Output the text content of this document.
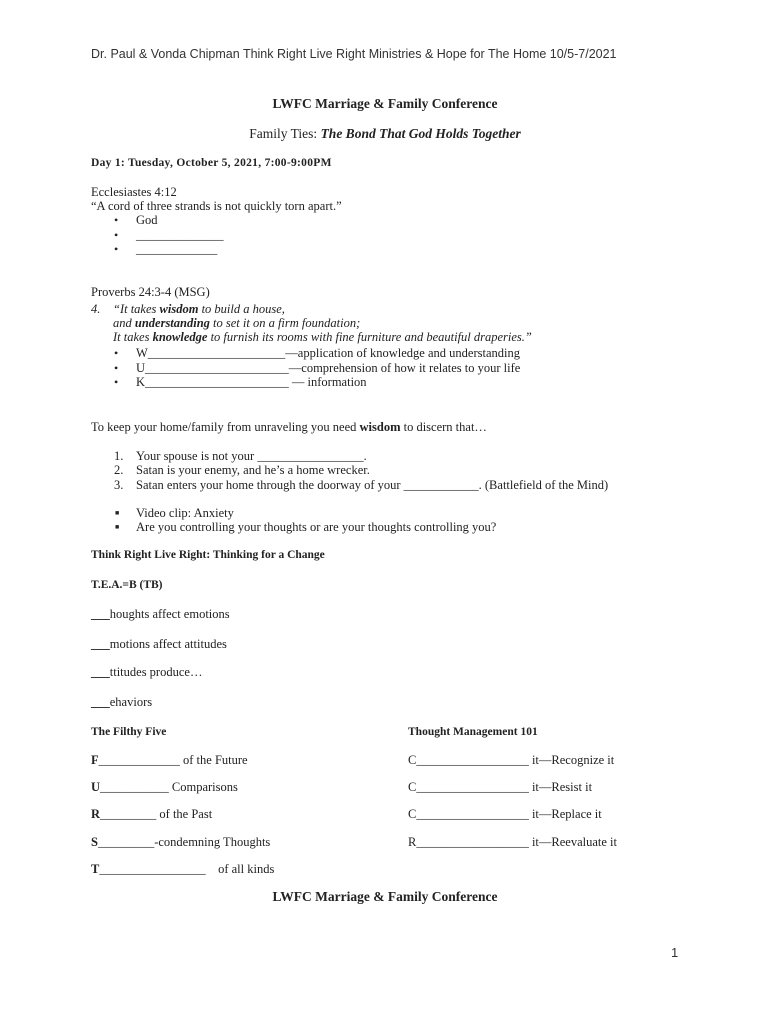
Dr. Paul & Vonda Chipman Think Right Live Right Ministries & Hope for The Home 10/5-7/2021
LWFC Marriage & Family Conference
Family Ties: The Bond That God Holds Together
Day 1: Tuesday, October 5, 2021, 7:00-9:00PM
Ecclesiastes 4:12
“A cord of three strands is not quickly torn apart.”
• God
• ______________
• _____________
Proverbs 24:3-4 (MSG)
4. “It takes wisdom to build a house,
and understanding to set it on a firm foundation;
It takes knowledge to furnish its rooms with fine furniture and beautiful draperies.”
• W______________________—application of knowledge and understanding
• U_______________________—comprehension of how it relates to your life
• K_______________________ — information
To keep your home/family from unraveling you need wisdom to discern that…
1. Your spouse is not your _________________.
2. Satan is your enemy, and he’s a home wrecker.
3. Satan enters your home through the doorway of your ____________. (Battlefield of the Mind)
■ Video clip: Anxiety
■ Are you controlling your thoughts or are your thoughts controlling you?
Think Right Live Right: Thinking for a Change
T.E.A.=B (TB)
___houghts affect emotions
___motions affect attitudes
___ttitudes produce…
___ehaviors
The Filthy Five
F_____________ of the Future
U___________ Comparisons
R_________ of the Past
S_________-condemning Thoughts
T_________________    of all kinds
Thought Management 101
C__________________ it—Recognize it
C__________________ it—Resist it
C__________________ it—Replace it
R__________________ it—Reevaluate it
LWFC Marriage & Family Conference
1
